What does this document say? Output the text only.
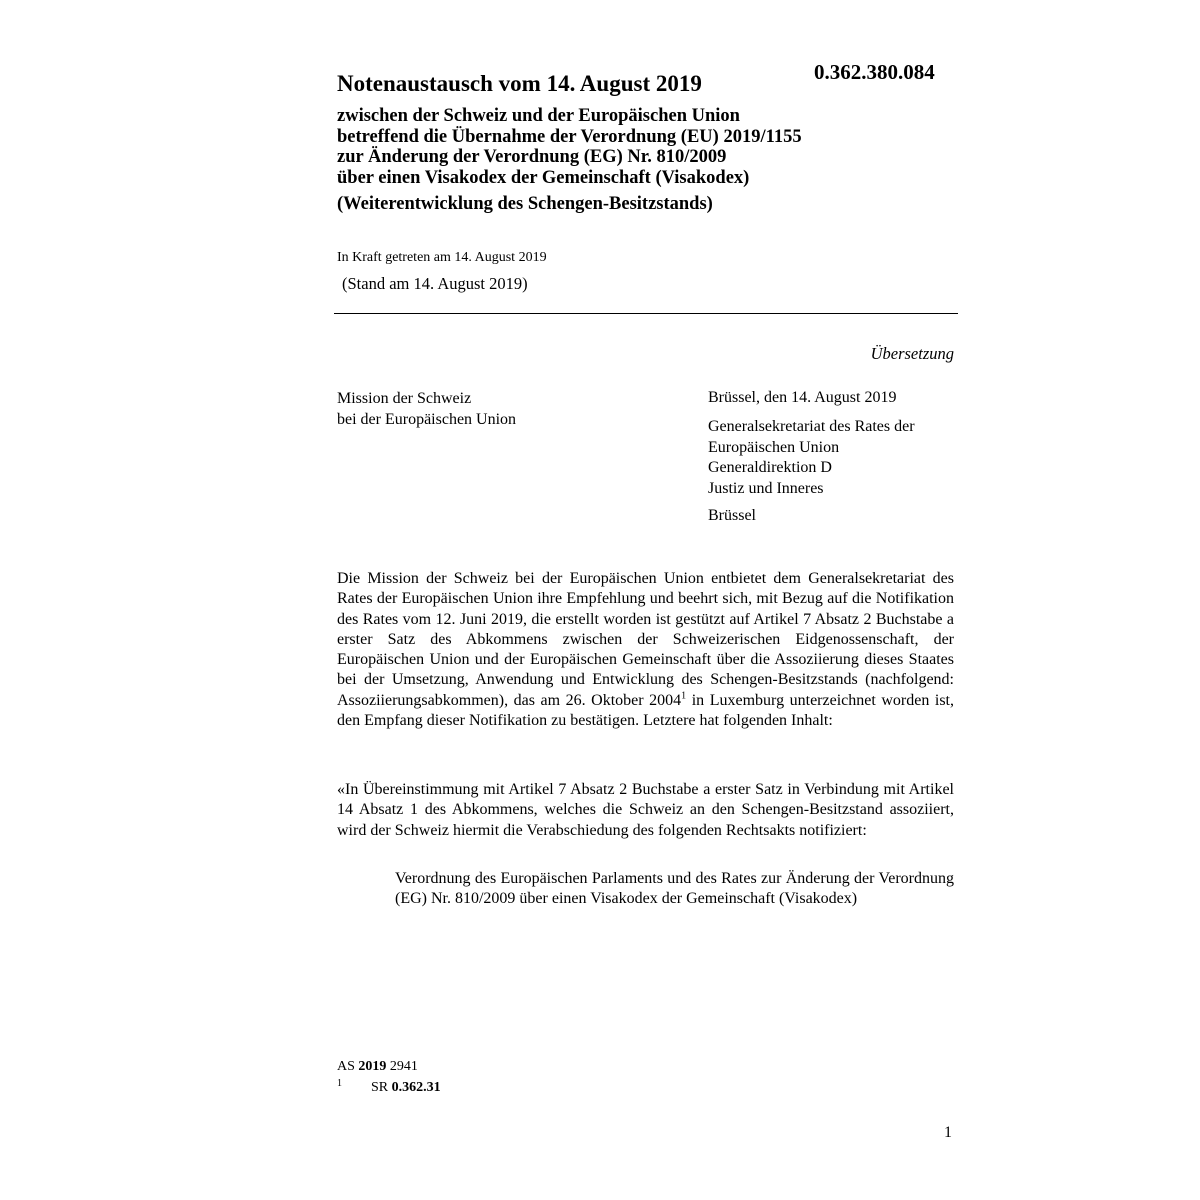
0.362.380.084
Notenaustausch vom 14. August 2019
zwischen der Schweiz und der Europäischen Union
betreffend die Übernahme der Verordnung (EU) 2019/1155
zur Änderung der Verordnung (EG) Nr. 810/2009
über einen Visakodex der Gemeinschaft (Visakodex)
(Weiterentwicklung des Schengen-Besitzstands)
In Kraft getreten am 14. August 2019
(Stand am 14. August 2019)
Übersetzung
Mission der Schweiz
bei der Europäischen Union
Brüssel, den 14. August 2019
Generalsekretariat des Rates der
Europäischen Union
Generaldirektion D
Justiz und Inneres
Brüssel
Die Mission der Schweiz bei der Europäischen Union entbietet dem Generalsekretariat des Rates der Europäischen Union ihre Empfehlung und beehrt sich, mit Bezug auf die Notifikation des Rates vom 12. Juni 2019, die erstellt worden ist gestützt auf Artikel 7 Absatz 2 Buchstabe a erster Satz des Abkommens zwischen der Schweizerischen Eidgenossenschaft, der Europäischen Union und der Europäischen Gemeinschaft über die Assoziierung dieses Staates bei der Umsetzung, Anwendung und Entwicklung des Schengen-Besitzstands (nachfolgend: Assoziierungsabkommen), das am 26. Oktober 2004$^1$ in Luxemburg unterzeichnet worden ist, den Empfang dieser Notifikation zu bestätigen. Letztere hat folgenden Inhalt:
«In Übereinstimmung mit Artikel 7 Absatz 2 Buchstabe a erster Satz in Verbindung mit Artikel 14 Absatz 1 des Abkommens, welches die Schweiz an den Schengen-Besitzstand assoziiert, wird der Schweiz hiermit die Verabschiedung des folgenden Rechtsakts notifiziert:
Verordnung des Europäischen Parlaments und des Rates zur Änderung der Verordnung (EG) Nr. 810/2009 über einen Visakodex der Gemeinschaft (Visakodex)
AS 2019 2941
1 SR 0.362.31
1
